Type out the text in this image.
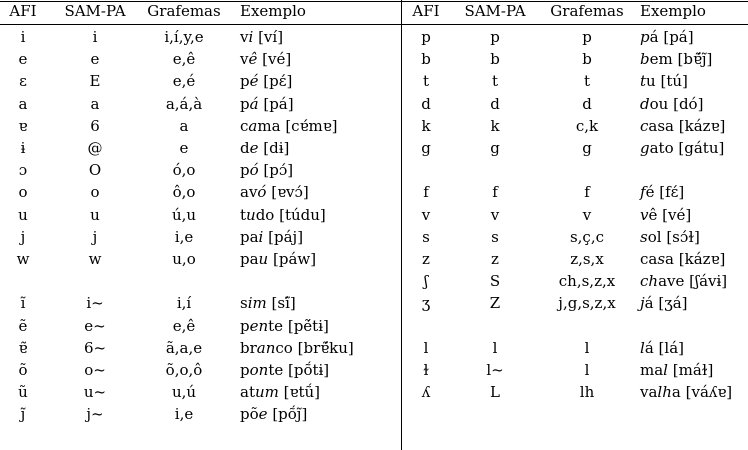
AFI	SAM-PA	Grafemas	Exemplo
i	i	i,í,y,e	vi [ví]
e	e	e,ê	vê [vé]
ɛ	E	e,é	pé [pɛ́]
a	a	a,á,à	pá [pá]
ɐ	6	a	cama [cɐ́mɐ]
ɨ	@	e	de [dɨ]
ɔ	O	ó,o	pó [pɔ́]
o	o	ô,o	avó [ɐvɔ́]
u	u	ú,u	tudo [túdu]
j	j	i,e	pai [páj]
w	w	u,o	pau [páw]
ĩ	i~	i,í	sim [sĩ́]
ẽ	e~	e,ê	pente [pẽ́tɨ]
ɐ̃	6~	ã,a,e	branco [brɐ̃́ku]
õ	o~	õ,o,ô	ponte [pṍtɨ]
ũ	u~	u,ú	atum [ɐtṹ]
j̃	j~	i,e	põe [pṍj̃]
AFI	SAM-PA	Grafemas	Exemplo
p	p	p	pá [pá]
b	b	b	bem [bɐ̃́j̃]
t	t	t	tu [tú]
d	d	d	dou [dó]
k	k	c,k	casa [kázɐ]
g	g	g	gato [gátu]
f	f	f	fé [fɛ́]
v	v	v	vê [vé]
s	s	s,ç,c	sol [sɔ́ɫ]
z	z	z,s,x	casa [kázɐ]
ʃ	S	ch,s,z,x	chave [ʃávɨ]
ʒ	Z	j,g,s,z,x	já [ʒá]
l	l	l	lá [lá]
ɫ	l~	l	mal [máɫ]
ʎ	L	lh	valha [váʎɐ]
